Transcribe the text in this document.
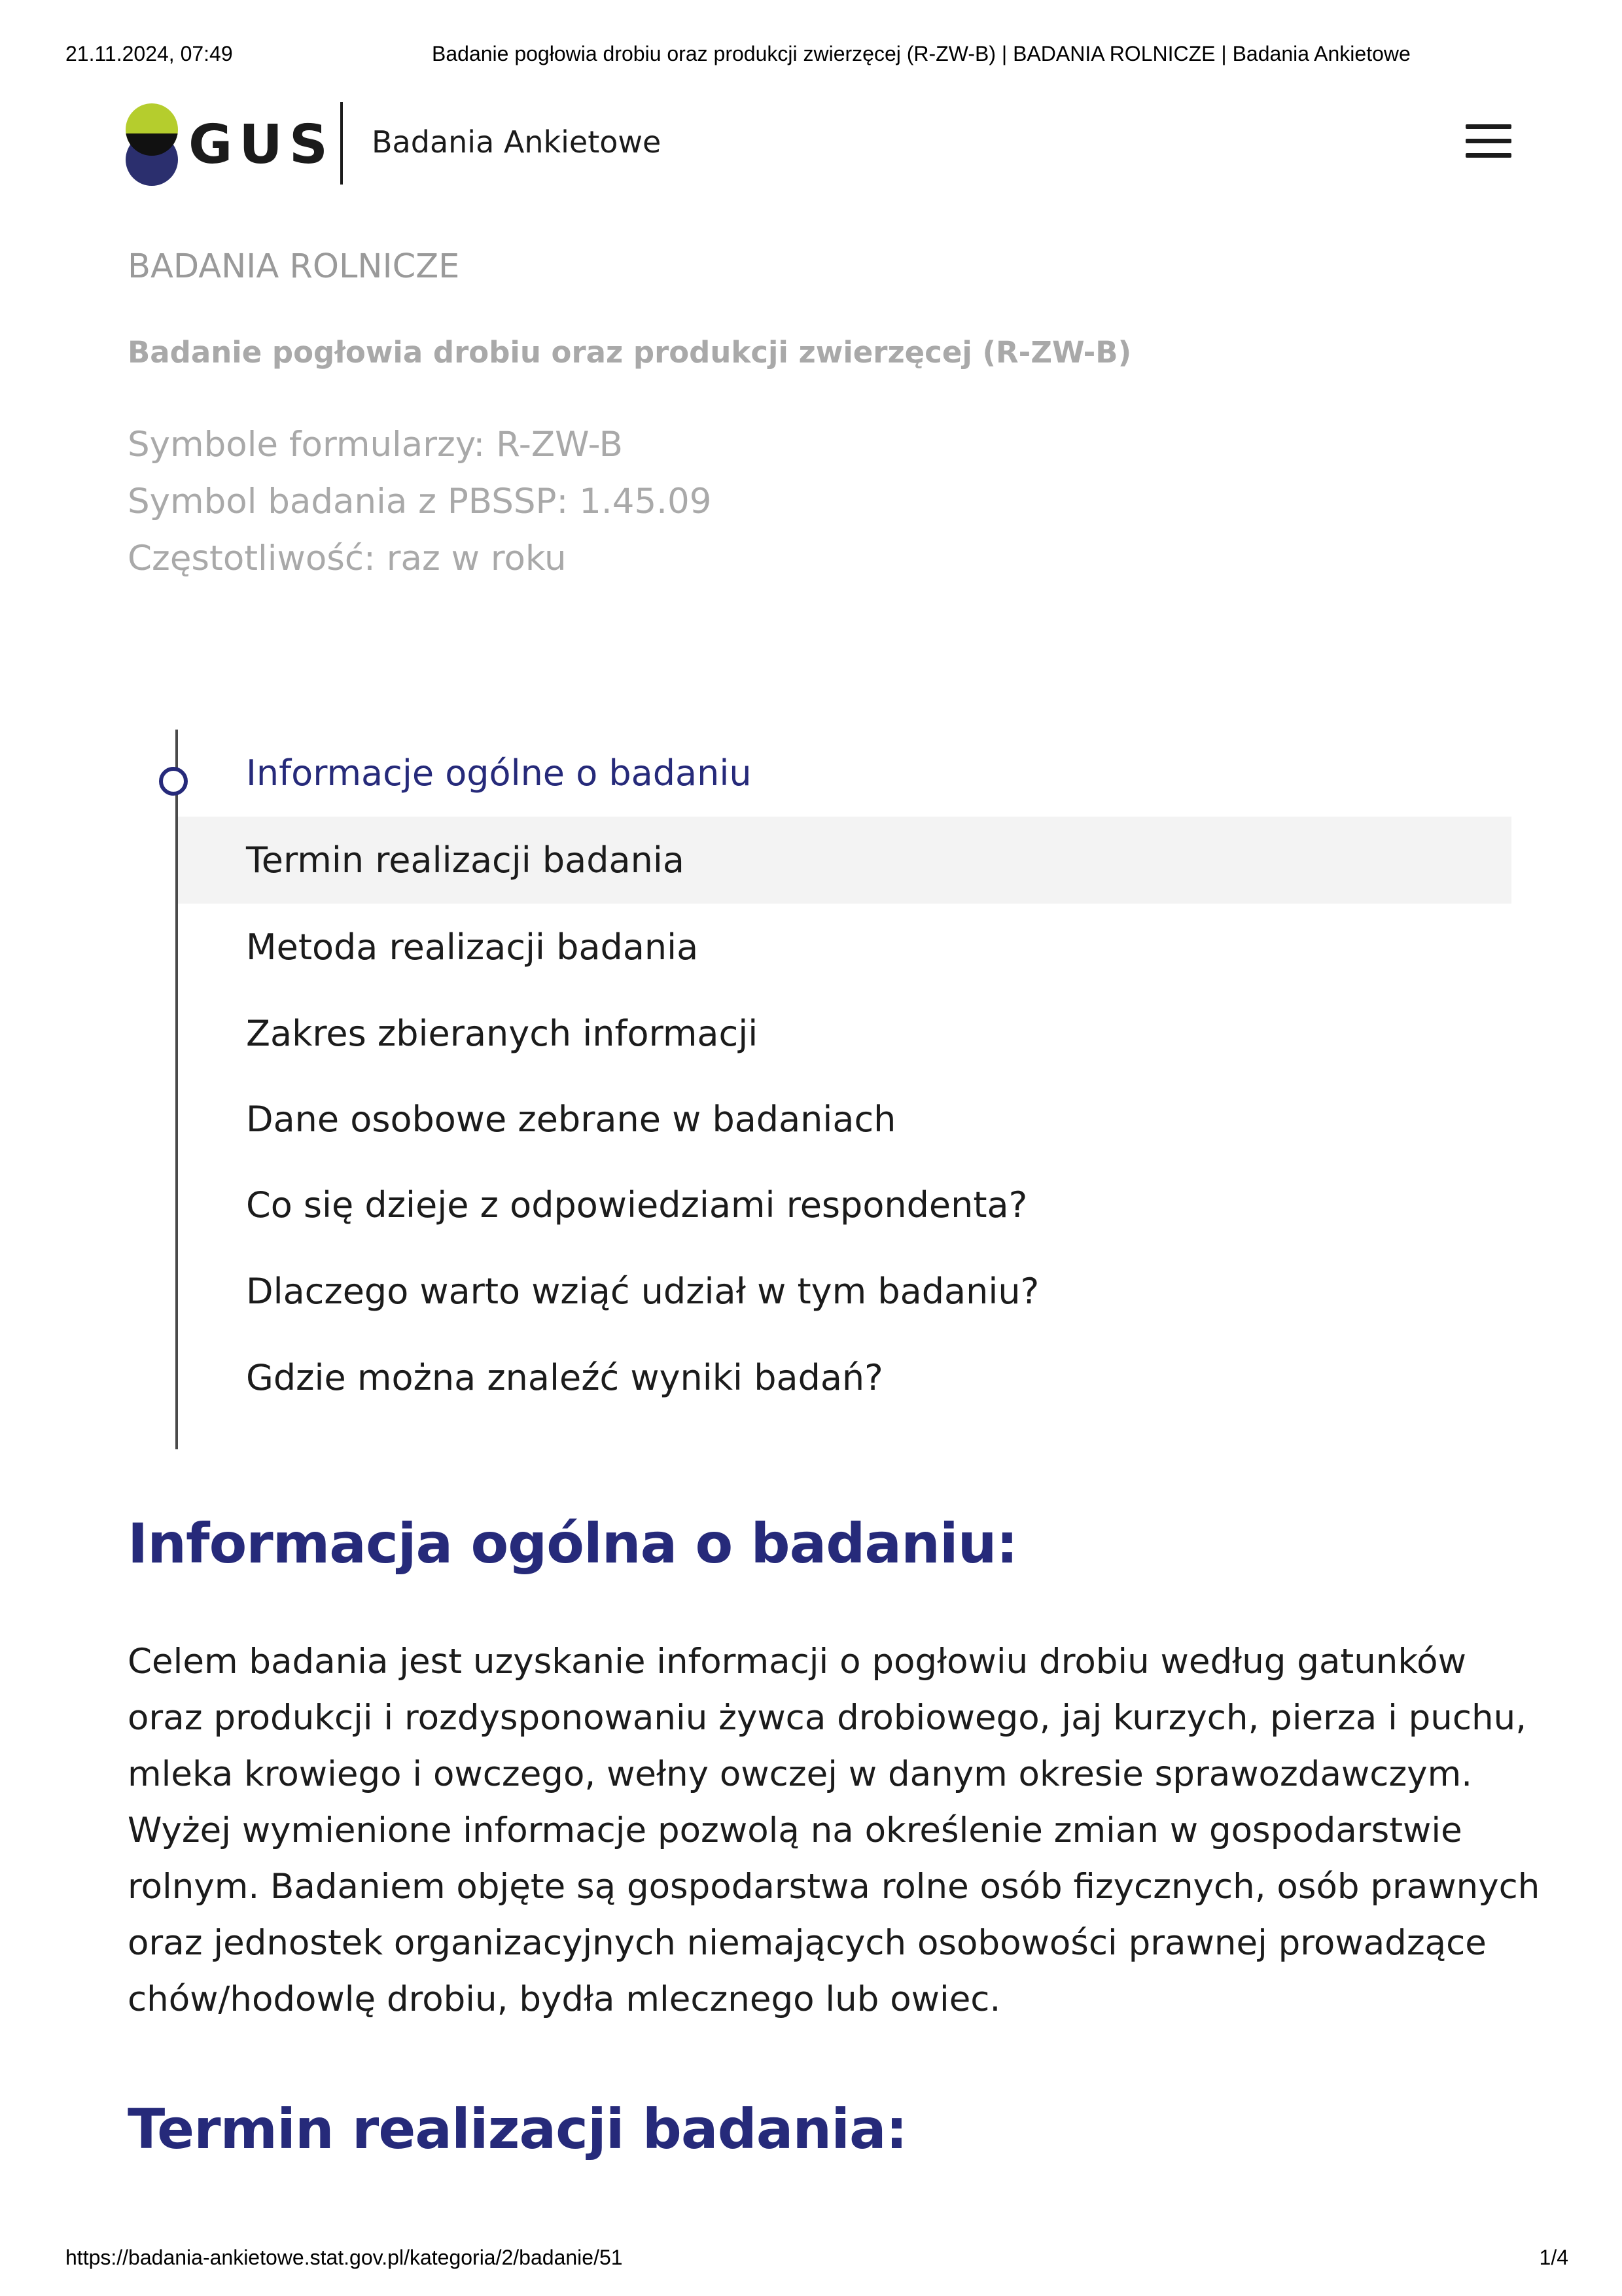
21.11.2024, 07:49	Badanie pogłowia drobiu oraz produkcji zwierzęcej (R-ZW-B) | BADANIA ROLNICZE | Badania Ankietowe
GUS Badania Ankietowe
BADANIA ROLNICZE
Badanie pogłowia drobiu oraz produkcji zwierzęcej (R-ZW-B)
Symbole formularzy: R-ZW-B
Symbol badania z PBSSP: 1.45.09
Częstotliwość: raz w roku
Informacje ogólne o badaniu
Termin realizacji badania
Metoda realizacji badania
Zakres zbieranych informacji
Dane osobowe zebrane w badaniach
Co się dzieje z odpowiedziami respondenta?
Dlaczego warto wziąć udział w tym badaniu?
Gdzie można znaleźć wyniki badań?
Informacja ogólna o badaniu:
Celem badania jest uzyskanie informacji o pogłowiu drobiu według gatunków
oraz produkcji i rozdysponowaniu żywca drobiowego, jaj kurzych, pierza i puchu,
mleka krowiego i owczego, wełny owczej w danym okresie sprawozdawczym.
Wyżej wymienione informacje pozwolą na określenie zmian w gospodarstwie
rolnym. Badaniem objęte są gospodarstwa rolne osób fizycznych, osób prawnych
oraz jednostek organizacyjnych niemających osobowości prawnej prowadzące
chów/hodowlę drobiu, bydła mlecznego lub owiec.
Termin realizacji badania:
https://badania-ankietowe.stat.gov.pl/kategoria/2/badanie/51	1/4
